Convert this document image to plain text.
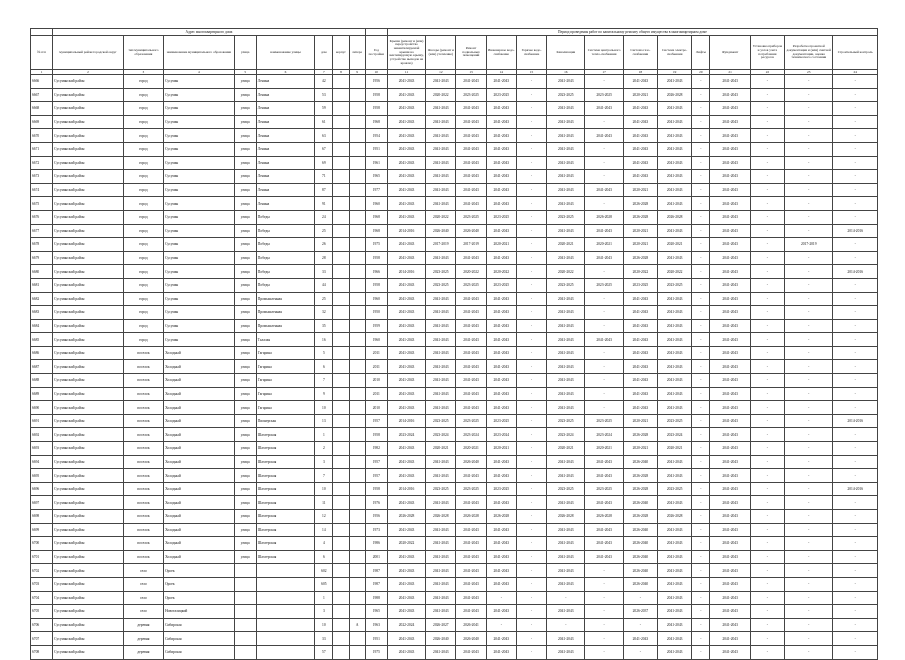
	Адрес многоквартирного дома									Период проведения работ по капитальному ремонту общего имущества в многоквартирном доме													
№ п/п	муниципальный район/городской округ	тип муниципального образования	наименование муниципального образования	улица	наименование улицы	дом	корпус	литера	Год постройки	Крыша (ремонт и (или) переустройство невентилируемой крыши на вентилируемую крышу, устройство выходов на кровлю)	Фасады (ремонт и (или) утепление)	Ремонт подвальных помещений	Инженерное водо-снабжение	Горячее водо-снабжение	Канализация	Система центрального тепло-снабжения	Система газо-снабжения	Система электро-снабжения	Лифты	Фундамент	Установка приборов и узлов учета потребления ресурсов	Разработка проектной документации и (или) сметной документации, оценка технического состояния	Строительный контроль
1	2	3	4	5	6	7	8	9	10	11	12	13	14	15	16	17	18	19	20	21	22	23	24
6666	Сусуманский район	город	Сусуман	улица	Ленина	42			1956	2041-2043	2041-2043	2041-2043	2041-2043	-	2041-2043	-	2041-2043	2041-2043	-	2041-2043	-	-	-
6667	Сусуманский район	город	Сусуман	улица	Ленина	53			1958	2041-2043	2020-2022	2023-2025	2023-2025	-	2023-2025	2023-2025	2020-2021	2026-2028	-	2041-2043	-	-	-
6668	Сусуманский район	город	Сусуман	улица	Ленина	59			1958	2041-2043	2041-2043	2041-2043	2041-2043	-	2041-2043	2041-2043	2041-2043	2041-2043	-	2041-2043	-	-	-
6669	Сусуманский район	город	Сусуман	улица	Ленина	61			1968	2041-2043	2041-2043	2041-2043	2041-2043	-	2041-2043	-	2041-2043	2041-2043	-	2041-2043	-	-	-
6670	Сусуманский район	город	Сусуман	улица	Ленина	63			1954	2041-2043	2041-2043	2041-2043	2041-2043	-	2041-2043	2041-2043	2041-2043	2041-2043	-	2041-2043	-	-	-
6671	Сусуманский район	город	Сусуман	улица	Ленина	67			1951	2041-2043	2041-2043	2041-2043	2041-2043	-	2041-2043	-	2041-2043	2041-2043	-	2041-2043	-	-	-
6672	Сусуманский район	город	Сусуман	улица	Ленина	69			1961	2041-2043	2041-2043	2041-2043	2041-2043	-	2041-2043	-	2041-2043	2041-2043	-	2041-2043	-	-	-
6673	Сусуманский район	город	Сусуман	улица	Ленина	71			1965	2041-2043	2041-2043	2041-2043	2041-2043	-	2041-2043	-	2041-2043	2041-2043	-	2041-2043	-	-	-
6674	Сусуманский район	город	Сусуман	улица	Ленина	87			1977	2041-2043	2041-2043	2041-2043	2041-2043	-	2041-2043	2041-2043	2020-2021	2041-2043	-	2041-2043	-	-	-
6675	Сусуманский район	город	Сусуман	улица	Ленина	91			1960	2041-2043	2041-2043	2041-2043	2041-2043	-	2041-2043	-	2026-2028	2041-2043	-	2041-2043	-	-	-
6676	Сусуманский район	город	Сусуман	улица	Победы	24			1968	2041-2043	2020-2022	2023-2025	2023-2025	-	2023-2025	2026-2028	2026-2028	2026-2028	-	2041-2043	-	-	-
6677	Сусуманский район	город	Сусуман	улица	Победы	25			1968	2014-2016	2026-2040	2026-2040	2041-2043	-	2041-2043	2041-2043	2020-2021	2041-2043	-	2041-2043	-	-	2014-2016
6678	Сусуманский район	город	Сусуман	улица	Победы	26			1975	2041-2043	2017-2019	2017-2019	2020-2021	-	2020-2021	2020-2021	2020-2021	2020-2021	-	2041-2043	-	2017-2019	-
6679	Сусуманский район	город	Сусуман	улица	Победы	28			1958	2041-2043	2041-2043	2041-2043	2041-2043	-	2041-2043	2041-2043	2026-2028	2041-2043	-	2041-2043	-	-	-
6680	Сусуманский район	город	Сусуман	улица	Победы	33			1966	2014-2016	2023-2025	2020-2022	2020-2022	-	2020-2022	-	2020-2022	2020-2022	-	2041-2043	-	-	2014-2016
6681	Сусуманский район	город	Сусуман	улица	Победы	44			1958	2041-2043	2023-2025	2023-2025	2023-2025	-	2023-2025	2023-2025	2023-2025	2023-2025	-	2041-2043	-	-	-
6682	Сусуманский район	город	Сусуман	улица	Промышленная	25			1960	2041-2043	2041-2043	2041-2043	2041-2043	-	2041-2043	-	2041-2043	2041-2043	-	2041-2043	-	-	-
6683	Сусуманский район	город	Сусуман	улица	Промышленная	32			1950	2041-2043	2041-2043	2041-2043	2041-2043	-	2041-2043	-	2041-2043	2041-2043	-	2041-2043	-	-	-
6684	Сусуманский район	город	Сусуман	улица	Промышленная	35			1959	2041-2043	2041-2043	2041-2043	2041-2043	-	2041-2043	-	2041-2043	2041-2043	-	2041-2043	-	-	-
6685	Сусуманский район	город	Сусуман	улица	Талалая	16			1960	2041-2043	2041-2043	2041-2043	2041-2043	-	2041-2043	2041-2043	2041-2043	2041-2043	-	2041-2043	-	-	-
6686	Сусуманский район	поселок	Холодный	улица	Гагарина	5			2011	2041-2043	2041-2043	2041-2043	2041-2043	-	2041-2043	-	2041-2043	2041-2043	-	2041-2043	-	-	-
6687	Сусуманский район	поселок	Холодный	улица	Гагарина	6			2011	2041-2043	2041-2043	2041-2043	2041-2043	-	2041-2043	-	2041-2043	2041-2043	-	2041-2043	-	-	-
6688	Сусуманский район	поселок	Холодный	улица	Гагарина	7			2010	2041-2043	2041-2043	2041-2043	2041-2043	-	2041-2043	-	2041-2043	2041-2043	-	2041-2043	-	-	-
6689	Сусуманский район	поселок	Холодный	улица	Гагарина	9			2011	2041-2043	2041-2043	2041-2043	2041-2043	-	2041-2043	-	2041-2043	2041-2043	-	2041-2043	-	-	-
6690	Сусуманский район	поселок	Холодный	улица	Гагарина	10			2010	2041-2043	2041-2043	2041-2043	2041-2043	-	2041-2043	-	2041-2043	2041-2043	-	2041-2043	-	-	-
6691	Сусуманский район	поселок	Холодный	улица	Пионерская	13			1957	2014-2016	2023-2025	2023-2025	2023-2025	-	2023-2025	2023-2025	2020-2021	2023-2025	-	2041-2043	-	-	2014-2016
6692	Сусуманский район	поселок	Холодный	улица	Шахтерская	1			1958	2023-2024	2023-2024	2023-2024	2023-2024	-	2023-2024	2023-2024	2026-2028	2023-2024	-	2041-2043	-	-	-
6693	Сусуманский район	поселок	Холодный	улица	Шахтерская	2			1982	2041-2043	2020-2021	2020-2021	2020-2021	-	2020-2021	2020-2021	2020-2021	2020-2021	-	2041-2043	-	-	-
6694	Сусуманский район	поселок	Холодный	улица	Шахтерская	3			1957	2041-2043	2041-2043	2026-2040	2041-2043	-	2041-2043	2041-2043	2026-2040	2041-2043	-	2041-2043	-	-	-
6695	Сусуманский район	поселок	Холодный	улица	Шахтерская	7			1957	2041-2043	2041-2043	2041-2043	2041-2043	-	2041-2043	2041-2043	2026-2028	2041-2043	-	2041-2043	-	-	-
6696	Сусуманский район	поселок	Холодный	улица	Шахтерская	10			1958	2014-2016	2023-2025	2023-2025	2023-2025	-	2023-2025	2023-2025	2026-2028	2023-2025	-	2041-2043	-	-	2014-2016
6697	Сусуманский район	поселок	Холодный	улица	Шахтерская	11			1976	2041-2043	2041-2043	2041-2043	2041-2043	-	2041-2043	2041-2043	2026-2040	2041-2043	-	2041-2043	-	-	-
6698	Сусуманский район	поселок	Холодный	улица	Шахтерская	12			1956	2026-2028	2026-2028	2026-2028	2026-2028	-	2026-2028	2026-2028	2026-2028	2026-2028	-	2041-2043	-	-	-
6699	Сусуманский район	поселок	Холодный	улица	Шахтерская	14			1973	2041-2043	2041-2043	2041-2043	2041-2043	-	2041-2043	2041-2043	2026-2040	2041-2043	-	2041-2043	-	-	-
6700	Сусуманский район	поселок	Холодный	улица	Шахтерская	4			1986	2020-2022	2041-2043	2041-2043	2041-2043	-	2041-2043	2041-2043	2026-2040	2041-2043	-	2041-2043	-	-	-
6701	Сусуманский район	поселок	Холодный	улица	Шахтерская	6			2001	2041-2043	2041-2043	2041-2043	2041-2043	-	2041-2043	2041-2043	2026-2040	2041-2043	-	2041-2043	-	-	-
6702	Сусуманский район	село	Ороек			602			1987	2041-2043	2041-2043	2041-2043	2041-2043	-	2041-2043	-	2026-2040	2041-2043	-	2041-2043	-	-	-
6703	Сусуманский район	село	Ороек			605			1987	2041-2043	2041-2043	2041-2043	2041-2043	-	2041-2043	-	2026-2040	2041-2043	-	2041-2043	-	-	-
6704	Сусуманский район	село	Ороек			1			1988	2041-2043	2041-2043	2041-2043	-	-	-	-	-	2041-2043	-	2041-2043	-	-	-
6705	Сусуманский район	село	Новоталицкий			3			1965	2041-2043	2041-2043	2041-2043	2041-2043	-	2041-2043	-	2026-2037	2041-2043	-	2041-2043	-	-	-
6706	Сусуманский район	деревня	Сибирская			10		А	1963	2022-2024	2026-2027	2026-2041	-	-	-	-	-	2041-2043	-	2041-2043	-	-	-
6707	Сусуманский район	деревня	Сибирская			33			1951	2041-2043	2026-2040	2026-2040	2041-2043	-	2041-2043	-	2041-2043	2041-2043	-	2041-2043	-	-	-
6708	Сусуманский район	деревня	Сибирская			57			1975	2041-2043	2041-2043	2041-2043	2041-2043	-	2041-2043	-	-	2041-2043	-	2041-2043	-	-	-
